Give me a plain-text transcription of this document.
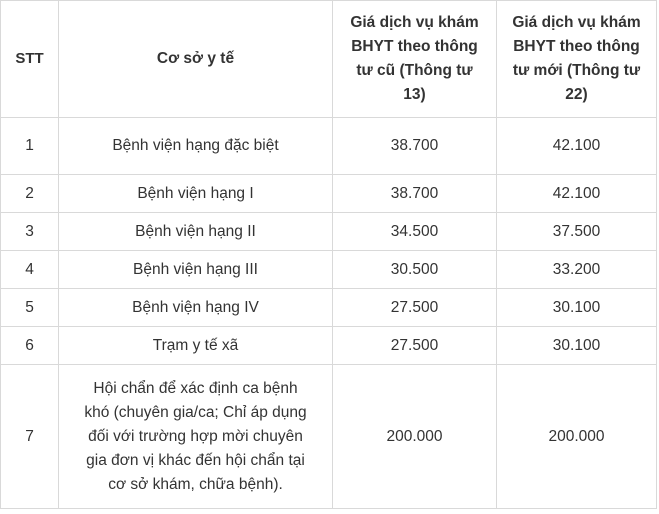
STT	Cơ sở y tế	Giá dịch vụ khám
BHYT theo thông
tư cũ (Thông tư
13)	Giá dịch vụ khám
BHYT theo thông
tư mới (Thông tư
22)
1	Bệnh viện hạng đặc biệt	38.700	42.100
2	Bệnh viện hạng I	38.700	42.100
3	Bệnh viện hạng II	34.500	37.500
4	Bệnh viện hạng III	30.500	33.200
5	Bệnh viện hạng IV	27.500	30.100
6	Trạm y tế xã	27.500	30.100
7	Hội chẩn để xác định ca bệnh
khó (chuyên gia/ca; Chỉ áp dụng
đối với trường hợp mời chuyên
gia đơn vị khác đến hội chẩn tại
cơ sở khám, chữa bệnh).	200.000	200.000
